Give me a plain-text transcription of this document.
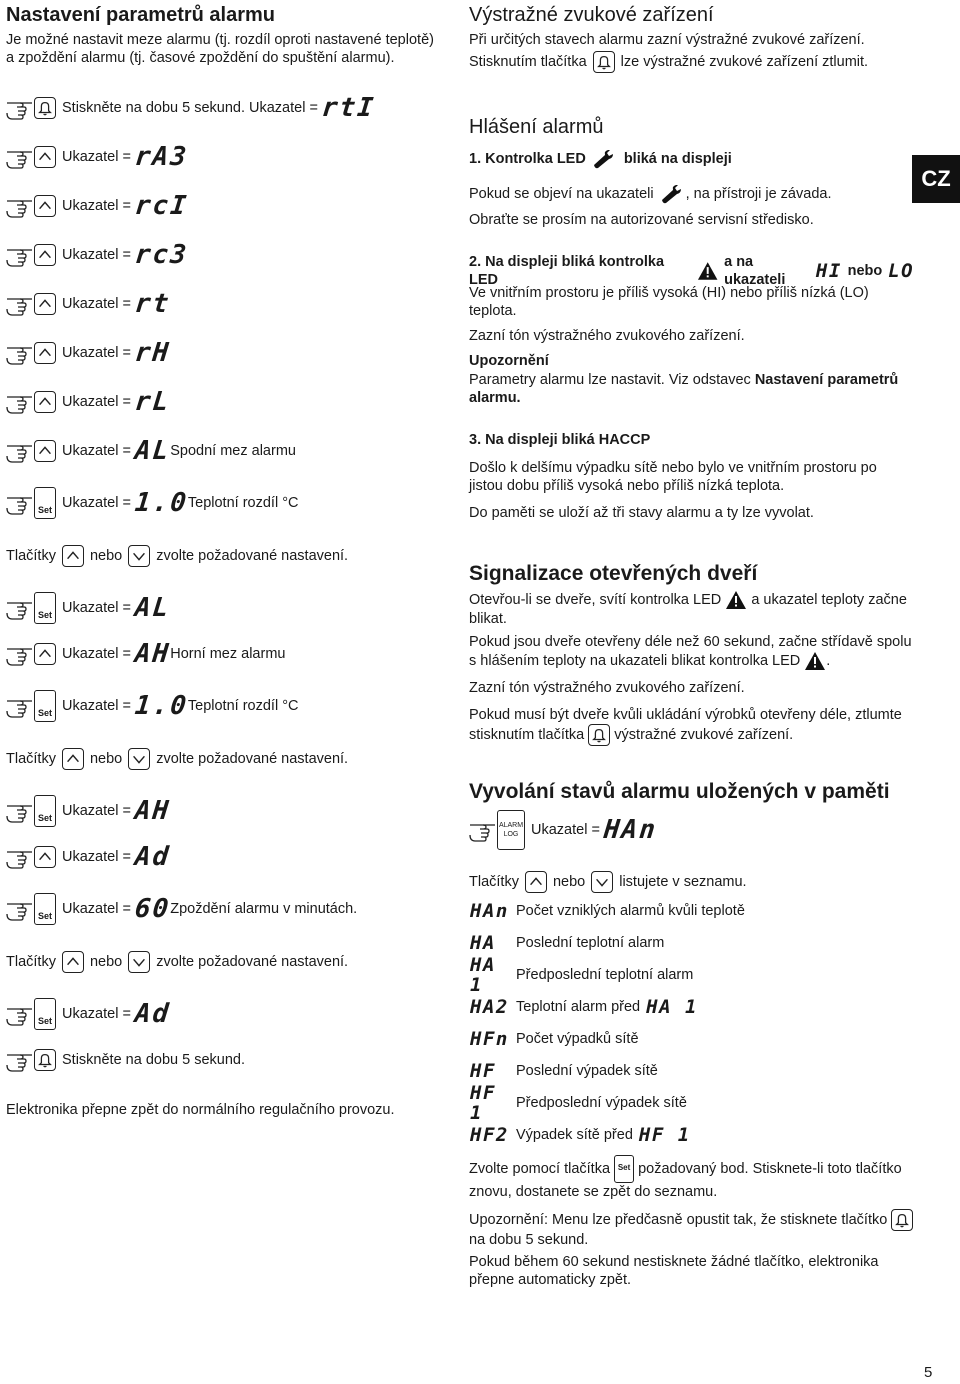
Nastavení parametrů alarmu
Je možné nastavit meze alarmu (tj. rozdíl oproti nastavené teplotě) a zpoždění alarmu (tj. časové zpoždění do spuštění alarmu).
Stiskněte na dobu 5 sekund. Ukazatel = rtI
Ukazatel = rA3
Ukazatel = rcI
Ukazatel = rc3
Ukazatel = rt
Ukazatel = rH
Ukazatel = rL
Ukazatel = AL
Spodní mez alarmu
Set Ukazatel = 1.0
Teplotní rozdíl °C
Tlačítky nebo zvolte požadované nastavení.
Set Ukazatel = AL
Ukazatel = AH
Horní mez alarmu
Set Ukazatel = 1.0
Teplotní rozdíl °C
Tlačítky nebo zvolte požadované nastavení.
Set Ukazatel = AH
Ukazatel = Ad
Set Ukazatel = 60
Zpoždění alarmu v minutách.
Tlačítky nebo zvolte požadované nastavení.
Set Ukazatel = Ad
Stiskněte na dobu 5 sekund.
Elektronika přepne zpět do normálního regulačního provozu.
Výstražné zvukové zařízení
Při určitých stavech alarmu zazní výstražné zvukové zařízení.
Stisknutím tlačítka lze výstražné zvukové zařízení ztlumit.
Hlášení alarmů
1. Kontrolka LED	bliká na displeji
Pokud se objeví na ukazateli , na přístroji je závada.
Obraťte se prosím na autorizované servisní středisko.
2. Na displeji bliká kontrolka LED
a na ukazateli	HI nebo LO
Ve vnitřním prostoru je příliš vysoká (HI) nebo příliš nízká (LO) teplota.
Zazní tón výstražného zvukového zařízení.
Upozornění
Parametry alarmu lze nastavit. Viz odstavec Nastavení parametrů alarmu.
3. Na displeji bliká HACCP
Došlo k delšímu výpadku sítě nebo bylo ve vnitřním prostoru po jistou dobu příliš vysoká nebo příliš nízká teplota.
Do paměti se uloží až tři stavy alarmu a ty lze vyvolat.
Signalizace otevřených dveří
Otevřou-li se dveře, svítí kontrolka LED a ukazatel teploty začne blikat.
Pokud jsou dveře otevřeny déle než 60 sekund, začne střídavě spolu s hlášením teploty na ukazateli blikat kontrolka LED .
Zazní tón výstražného zvukového zařízení.
Pokud musí být dveře kvůli ukládání výrobků otevřeny déle, ztlumte stisknutím tlačítka výstražné zvukové zařízení.
Vyvolání stavů alarmu uložených v paměti
ALARM LOG Ukazatel = HAn
Tlačítky nebo listujete v seznamu.
HAn Počet vzniklých alarmů kvůli teplotě
HA	Poslední teplotní alarm
HA 1	Předposlední teplotní alarm
HA2 Teplotní alarm před HA 1
HFn Počet výpadků sítě
HF	Poslední výpadek sítě
HF 1	Předposlední výpadek sítě
HF2 Výpadek sítě před HF 1
Zvolte pomocí tlačítka Set požadovaný bod. Stisknete-li toto tlačítko znovu, dostanete se zpět do seznamu.
Upozornění: Menu lze předčasně opustit tak, že stisknete tlačítko
na dobu 5 sekund.
Pokud během 60 sekund nestisknete žádné tlačítko, elektronika přepne automaticky zpět.
CZ
5
